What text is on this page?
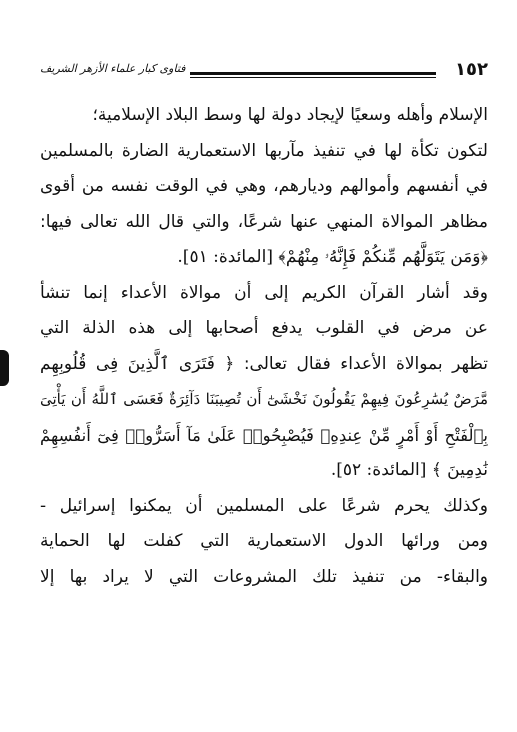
١٥٢
فتاوى كبار علماء الأزهر الشريف
الإسلام وأهله وسعيًا لإيجاد دولة لها وسط البلاد الإسلامية؛
لتكون تكأة لها في تنفيذ مآربها الاستعمارية الضارة بالمسلمين
في أنفسهم وأموالهم وديارهم، وهي في الوقت نفسه من أقوى
مظاهر الموالاة المنهي عنها شرعًا، والتي قال الله تعالى فيها:
﴿وَمَن يَتَوَلَّهُم مِّنكُمْ فَإِنَّهُۥ مِنْهُمْ﴾ [المائدة: ٥١].
وقد أشار القرآن الكريم إلى أن موالاة الأعداء إنما تنشأ
عن مرض في القلوب يدفع أصحابها إلى هذه الذلة التي
تظهر بموالاة الأعداء فقال تعالى: ﴿ فَتَرَى ٱلَّذِينَ فِى قُلُوبِهِم
مَّرَضٌ يُسَٰرِعُونَ فِيهِمْ يَقُولُونَ نَخْشَىٰٓ أَن تُصِيبَنَا دَآئِرَةٌ فَعَسَى ٱللَّهُ أَن يَأْتِىَ
بِٱلْفَتْحِ أَوْ أَمْرٍ مِّنْ عِندِهِۦ فَيُصْبِحُوا۟ عَلَىٰ مَآ أَسَرُّوا۟ فِىٓ أَنفُسِهِمْ
نَٰدِمِينَ ﴾ [المائدة: ٥٢].
وكذلك يحرم شرعًا على المسلمين أن يمكنوا إسرائيل -
ومن ورائها الدول الاستعمارية التي كفلت لها الحماية
والبقاء- من تنفيذ تلك المشروعات التي لا يراد بها إلا
